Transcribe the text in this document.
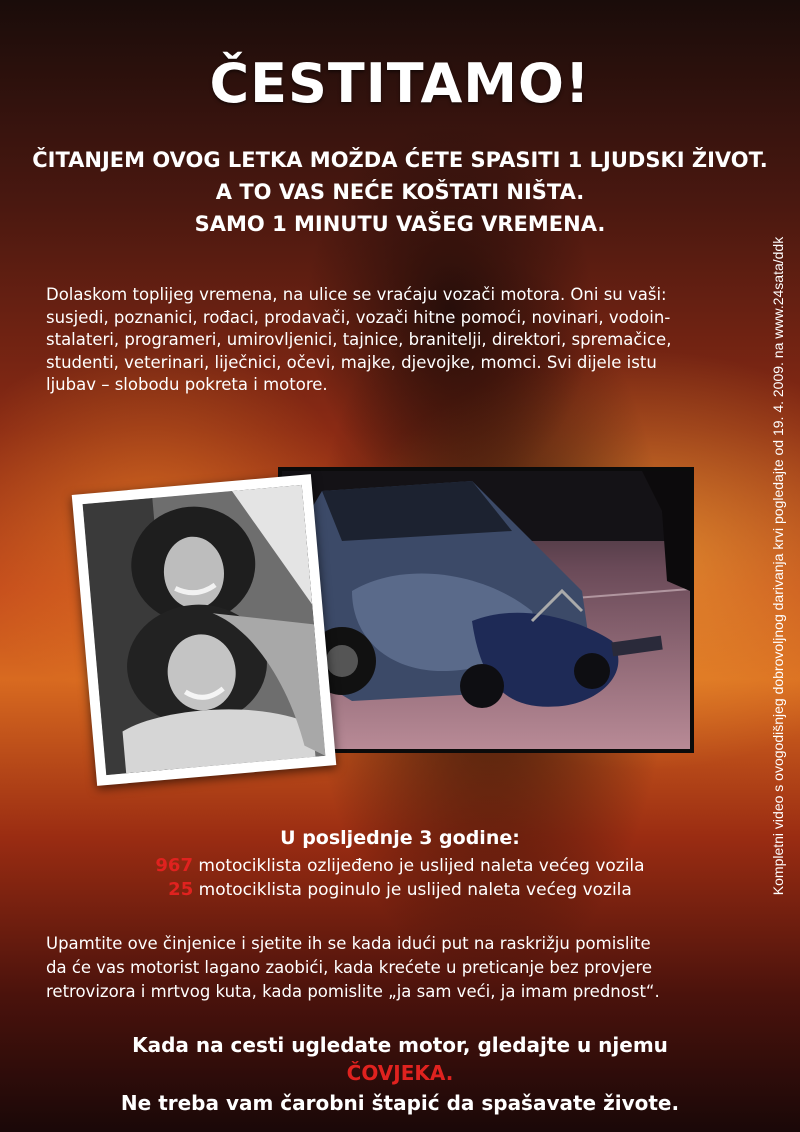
ČESTITAMO!
ČITANJEM OVOG LETKA MOŽDA ĆETE SPASITI 1 LJUDSKI ŽIVOT.
A TO VAS NEĆE KOŠTATI NIŠTA.
SAMO 1 MINUTU VAŠEG VREMENA.

Dolaskom toplijeg vremena, na ulice se vraćaju vozači motora. Oni su vaši:

susjedi, poznanici, rođaci, prodavači, vozači hitne pomoći, novinari, vodoin-

stalateri, programeri, umirovljenici, tajnice, branitelji, direktori, spremačice,

studenti, veterinari, liječnici, očevi, majke, djevojke, momci. Svi dijele istu

ljubav – slobodu pokreta i motore.

U posljednje 3 godine:
967 motociklista ozlijeđeno je uslijed naleta većeg vozila
25 motociklista poginulo je uslijed naleta većeg vozila

Upamtite ove činjenice i sjetite ih se kada idući put na raskrižju pomislite

da će vas motorist lagano zaobići, kada krećete u preticanje bez provjere

retrovizora i mrtvog kuta, kada pomislite „ja sam veći, ja imam prednost“.

Kada na cesti ugledate motor, gledajte u njemu
ČOVJEKA.
Ne treba vam čarobni štapić da spašavate živote.
Kompletni video s ovogodišnjeg dobrovoljnog darivanja krvi pogledajte od 19. 4. 2009. na www.24sata/ddk
